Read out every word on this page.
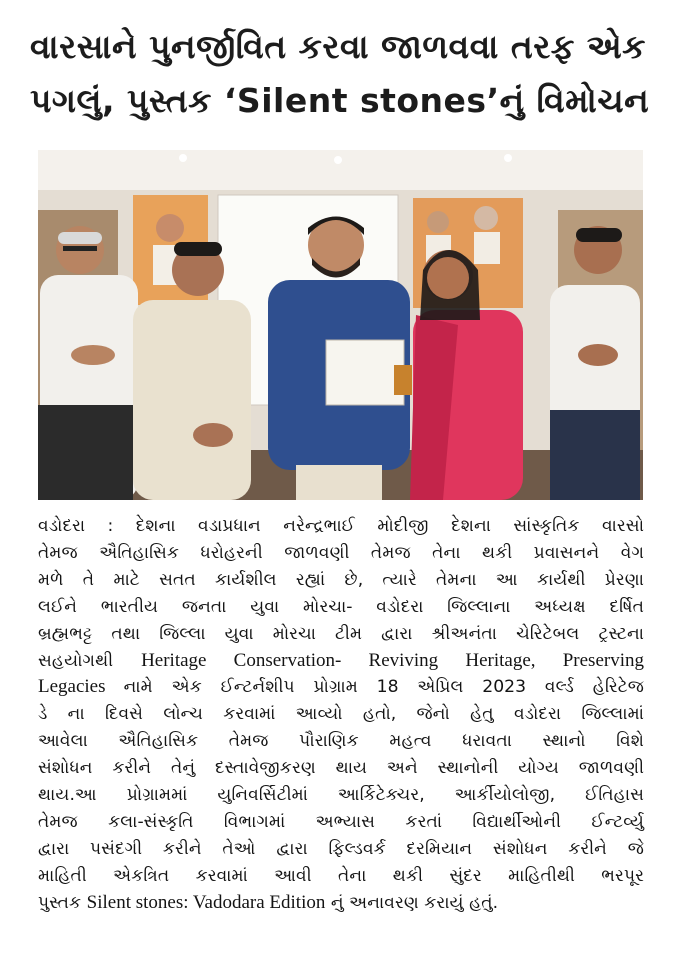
વારસાને પુનર્જીવિત કરવા જાળવવા તરફ એક
પગલું, પુસ્તક ‘Silent stones’નું વિમોચન
વડોદરા : દેશના વડાપ્રધાન નરેન્દ્રભાઈ મોદીજી દેશના સાંસ્કૃતિક વારસો
તેમજ ઐતિહાસિક ધરોહરની જાળવણી તેમજ તેના થકી પ્રવાસનને વેગ
મળે તે માટે સતત કાર્યશીલ રહ્યાં છે, ત્યારે તેમના આ કાર્યથી પ્રેરણા
લઈને ભારતીય જનતા યુવા મોરચા- વડોદરા જિલ્લાના અધ્યક્ષ દર્ષિત
બ્રહ્મભટ્ટ તથા જિલ્લા યુવા મોરચા ટીમ દ્વારા શ્રીઅનંતા ચેરિટેબલ ટ્રસ્ટના
સહયોગથી Heritage Conservation- Reviving Heritage, Preserving
Legacies નામે એક ઈન્ટર્નશીપ પ્રોગ્રામ 18 એપ્રિલ 2023 વર્લ્ડ હેરિટેજ
ડે ના દિવસે લોન્ચ કરવામાં આવ્યો હતો, જેનો હેતુ વડોદરા જિલ્લામાં
આવેલા ઐતિહાસિક તેમજ પૌરાણિક મહત્વ ધરાવતા સ્થાનો વિશે
સંશોધન કરીને તેનું દસ્તાવેજીકરણ થાય અને સ્થાનોની યોગ્ય જાળવણી
થાય.આ પ્રોગ્રામમાં યુનિવર્સિટીમાં આર્કિટેક્ચર, આર્કીયોલોજી, ઈતિહાસ
તેમજ કલા-સંસ્કૃતિ વિભાગમાં અભ્યાસ કરતાં વિદ્યાર્થીઓની ઈન્ટર્વ્યુ
દ્વારા પસંદગી કરીને તેઓ દ્વારા ફિલ્ડવર્ક દરમિયાન સંશોધન કરીને જે
માહિતી એકત્રિત કરવામાં આવી તેના થકી સુંદર માહિતીથી ભરપૂર
પુસ્તક Silent stones: Vadodara Edition નું અનાવરણ કરાયું હતું.
